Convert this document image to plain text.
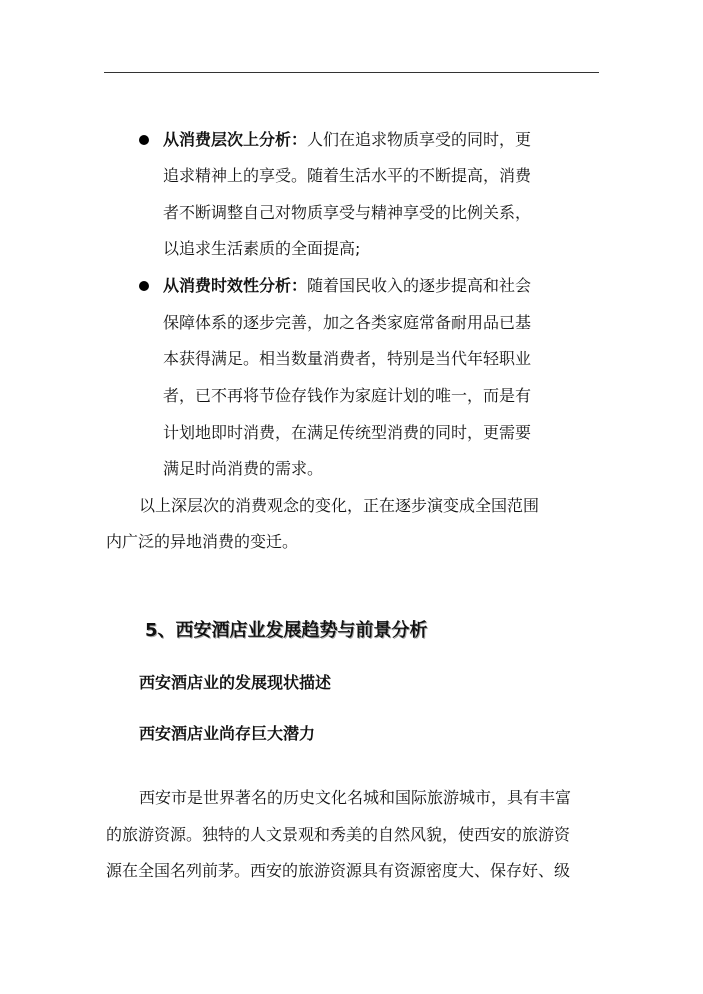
从消费层次上分析：人们在追求物质享受的同时，更
追求精神上的享受。随着生活水平的不断提高，消费
者不断调整自己对物质享受与精神享受的比例关系，
以追求生活素质的全面提高;
从消费时效性分析：随着国民收入的逐步提高和社会
保障体系的逐步完善，加之各类家庭常备耐用品已基
本获得满足。相当数量消费者，特别是当代年轻职业
者，已不再将节俭存钱作为家庭计划的唯一，而是有
计划地即时消费，在满足传统型消费的同时，更需要
满足时尚消费的需求。
以上深层次的消费观念的变化，正在逐步演变成全国范围
内广泛的异地消费的变迁。
5、西安酒店业发展趋势与前景分析
西安酒店业的发展现状描述
西安酒店业尚存巨大潜力
西安市是世界著名的历史文化名城和国际旅游城市，具有丰富
的旅游资源。独特的人文景观和秀美的自然风貌，使西安的旅游资
源在全国名列前茅。西安的旅游资源具有资源密度大、保存好、级
